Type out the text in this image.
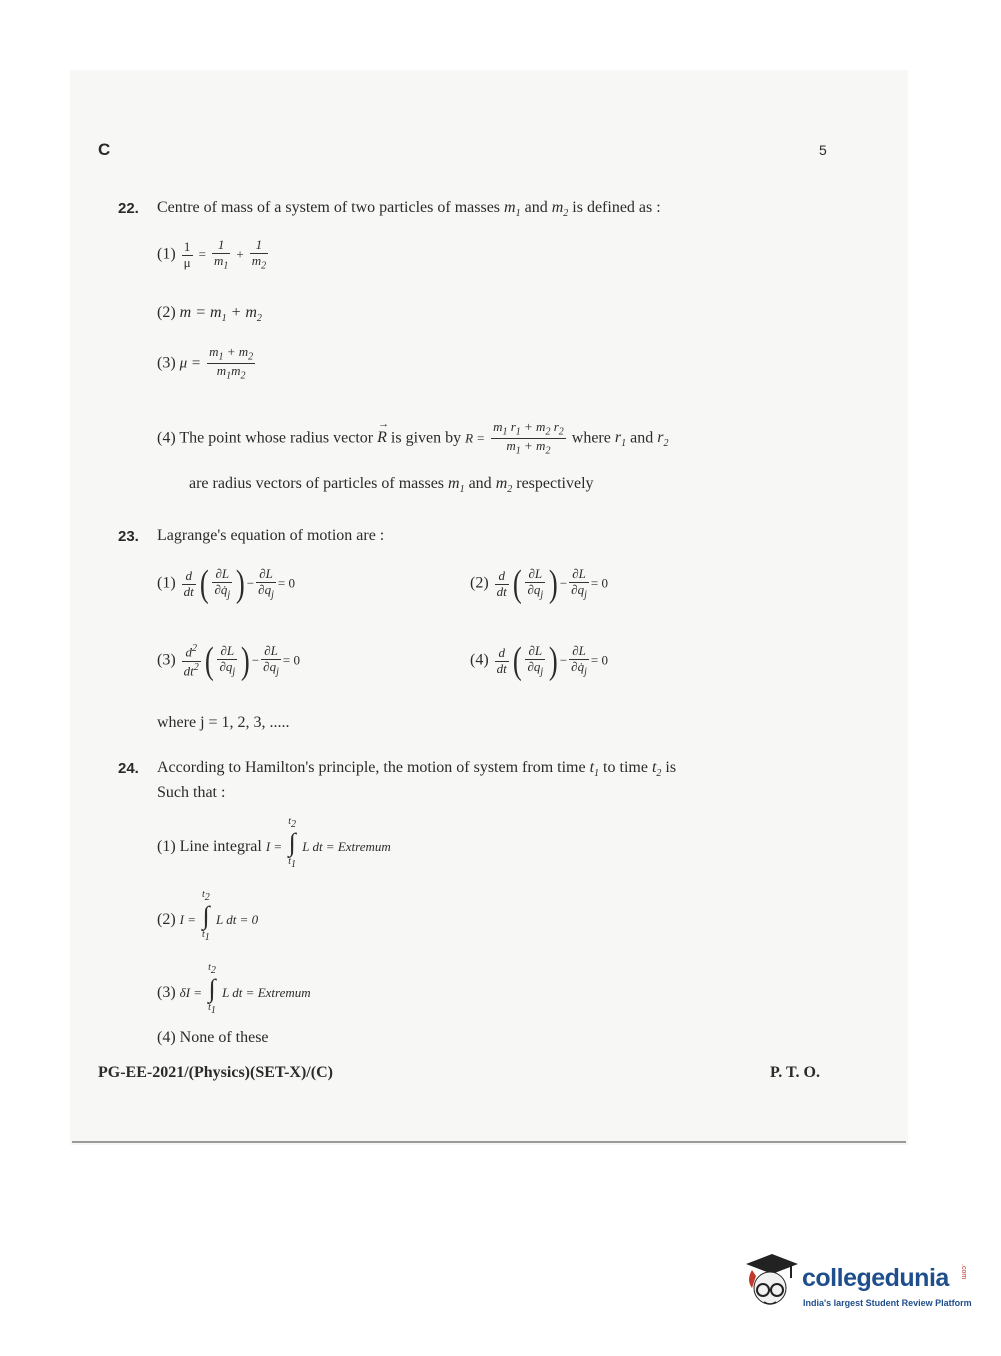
C	5
22. Centre of mass of a system of two particles of masses $m_1$ and $m_2$ is defined as :
$(1) \frac{1}{\mu} = \frac{1}{m_1} + \frac{1}{m_2}$
(2) $m = m_1 + m_2$
(3) $\mu = \frac{m_1 + m_2}{m_1m_2}$
(4) The point whose radius vector
→
R is given by $R = \frac{m_1 r_1 + m_2 r_2}{m_1 + m_2}$ where $r_1$ and $r_2$
are radius vectors of particles of masses $m_1$ and $m_2$ respectively
23. Lagrange's equation of motion are :
$(1) \frac{d}{dt}$ ( $\frac{\partial L}{\partial q̇_j}$ ) − $\frac{\partial L}{\partial q_j} = 0$	$(2) \frac{d}{dt}$ ( $\frac{\partial L}{\partial q_j}$ ) − $\frac{\partial L}{\partial q_j} = 0$
$(3) \frac{d^2}{dt^2}$ ( $\frac{\partial L}{\partial q_j}$ ) − $\frac{\partial L}{\partial q_j} = 0$	$(4) \frac{d}{dt}$ ( $\frac{\partial L}{\partial q_j}$ ) − $\frac{\partial L}{\partial q̇_j} = 0$
where j = 1, 2, 3, .....
24. According to Hamilton's principle, the motion of system from time $t_1$ to time $t_2$ is
Such that :
(1) Line integral I =
$t_2$
∫
$t_1$
L dt = Extremum
(2) I =
$t_2$
∫
$t_1$
L dt = 0
(3) δI =
$t_2$
∫
$t_1$
L dt = Extremum
(4) None of these
PG-EE-2021/(Physics)(SET-X)/(C)	P. T. O.
collegedunia .com
India's largest Student Review Platform
